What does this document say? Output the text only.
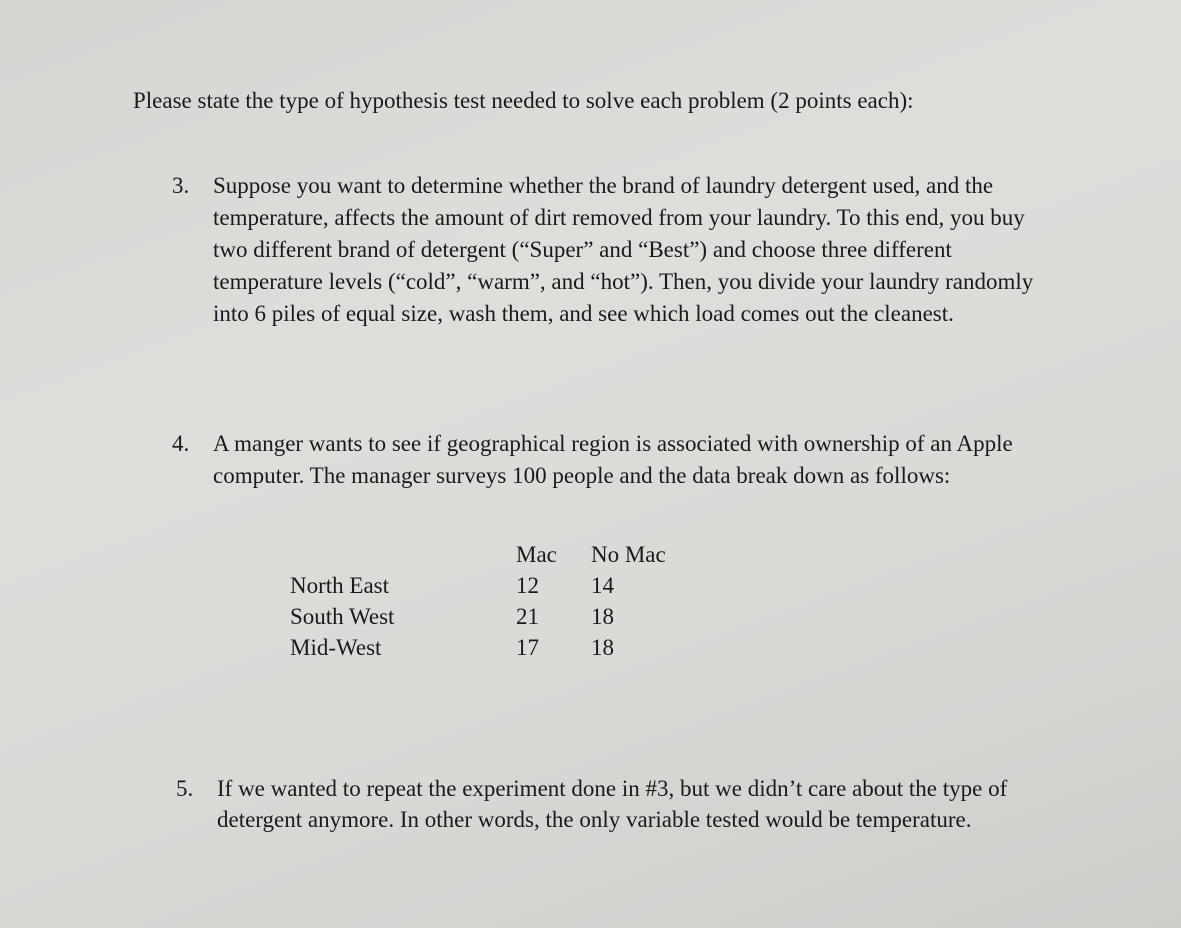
Please state the type of hypothesis test needed to solve each problem (2 points each):
3. Suppose you want to determine whether the brand of laundry detergent used, and the
temperature, affects the amount of dirt removed from your laundry. To this end, you buy
two different brand of detergent (“Super” and “Best”) and choose three different
temperature levels (“cold”, “warm”, and “hot”). Then, you divide your laundry randomly
into 6 piles of equal size, wash them, and see which load comes out the cleanest.
4. A manger wants to see if geographical region is associated with ownership of an Apple
computer. The manager surveys 100 people and the data break down as follows:
Mac No Mac
North East	12 14
South West	21 18
Mid-West	17 18
5. If we wanted to repeat the experiment done in #3, but we didn’t care about the type of
detergent anymore. In other words, the only variable tested would be temperature.
